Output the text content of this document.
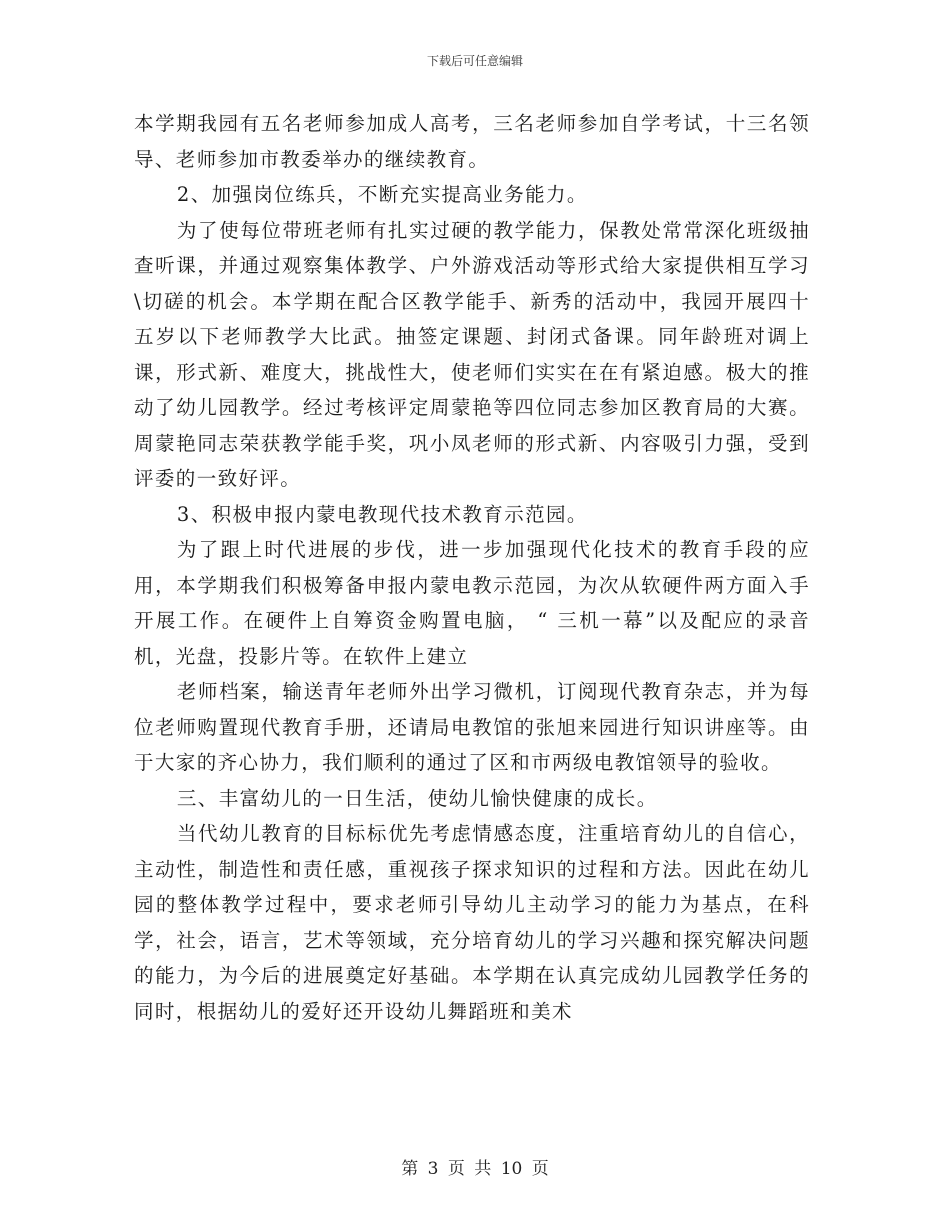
下载后可任意编辑

本学期我园有五名老师参加成人高考，三名老师参加自学考试，十三名领导、老师参加市教委举办的继续教育。

2、加强岗位练兵，不断充实提高业务能力。

为了使每位带班老师有扎实过硬的教学能力，保教处常常深化班级抽查听课，并通过观察集体教学、户外游戏活动等形式给大家提供相互学习\切磋的机会。本学期在配合区教学能手、新秀的活动中，我园开展四十五岁以下老师教学大比武。抽签定课题、封闭式备课。同年龄班对调上课，形式新、难度大，挑战性大，使老师们实实在在有紧迫感。极大的推动了幼儿园教学。经过考核评定周蒙艳等四位同志参加区教育局的大赛。周蒙艳同志荣获教学能手奖，巩小凤老师的形式新、内容吸引力强，受到评委的一致好评。

3、积极申报内蒙电教现代技术教育示范园。

为了跟上时代进展的步伐，进一步加强现代化技术的教育手段的应用，本学期我们积极筹备申报内蒙电教示范园，为次从软硬件两方面入手开展工作。在硬件上自筹资金购置电脑， “ 三机一幕”以及配应的录音机，光盘，投影片等。在软件上建立

老师档案，输送青年老师外出学习微机，订阅现代教育杂志，并为每位老师购置现代教育手册，还请局电教馆的张旭来园进行知识讲座等。由于大家的齐心协力，我们顺利的通过了区和市两级电教馆领导的验收。

三、丰富幼儿的一日生活，使幼儿愉快健康的成长。

当代幼儿教育的目标标优先考虑情感态度，注重培育幼儿的自信心，主动性，制造性和责任感，重视孩子探求知识的过程和方法。因此在幼儿园的整体教学过程中，要求老师引导幼儿主动学习的能力为基点，在科学，社会，语言，艺术等领域，充分培育幼儿的学习兴趣和探究解决问题的能力，为今后的进展奠定好基础。本学期在认真完成幼儿园教学任务的同时，根据幼儿的爱好还开设幼儿舞蹈班和美术

第 3 页 共 10 页
